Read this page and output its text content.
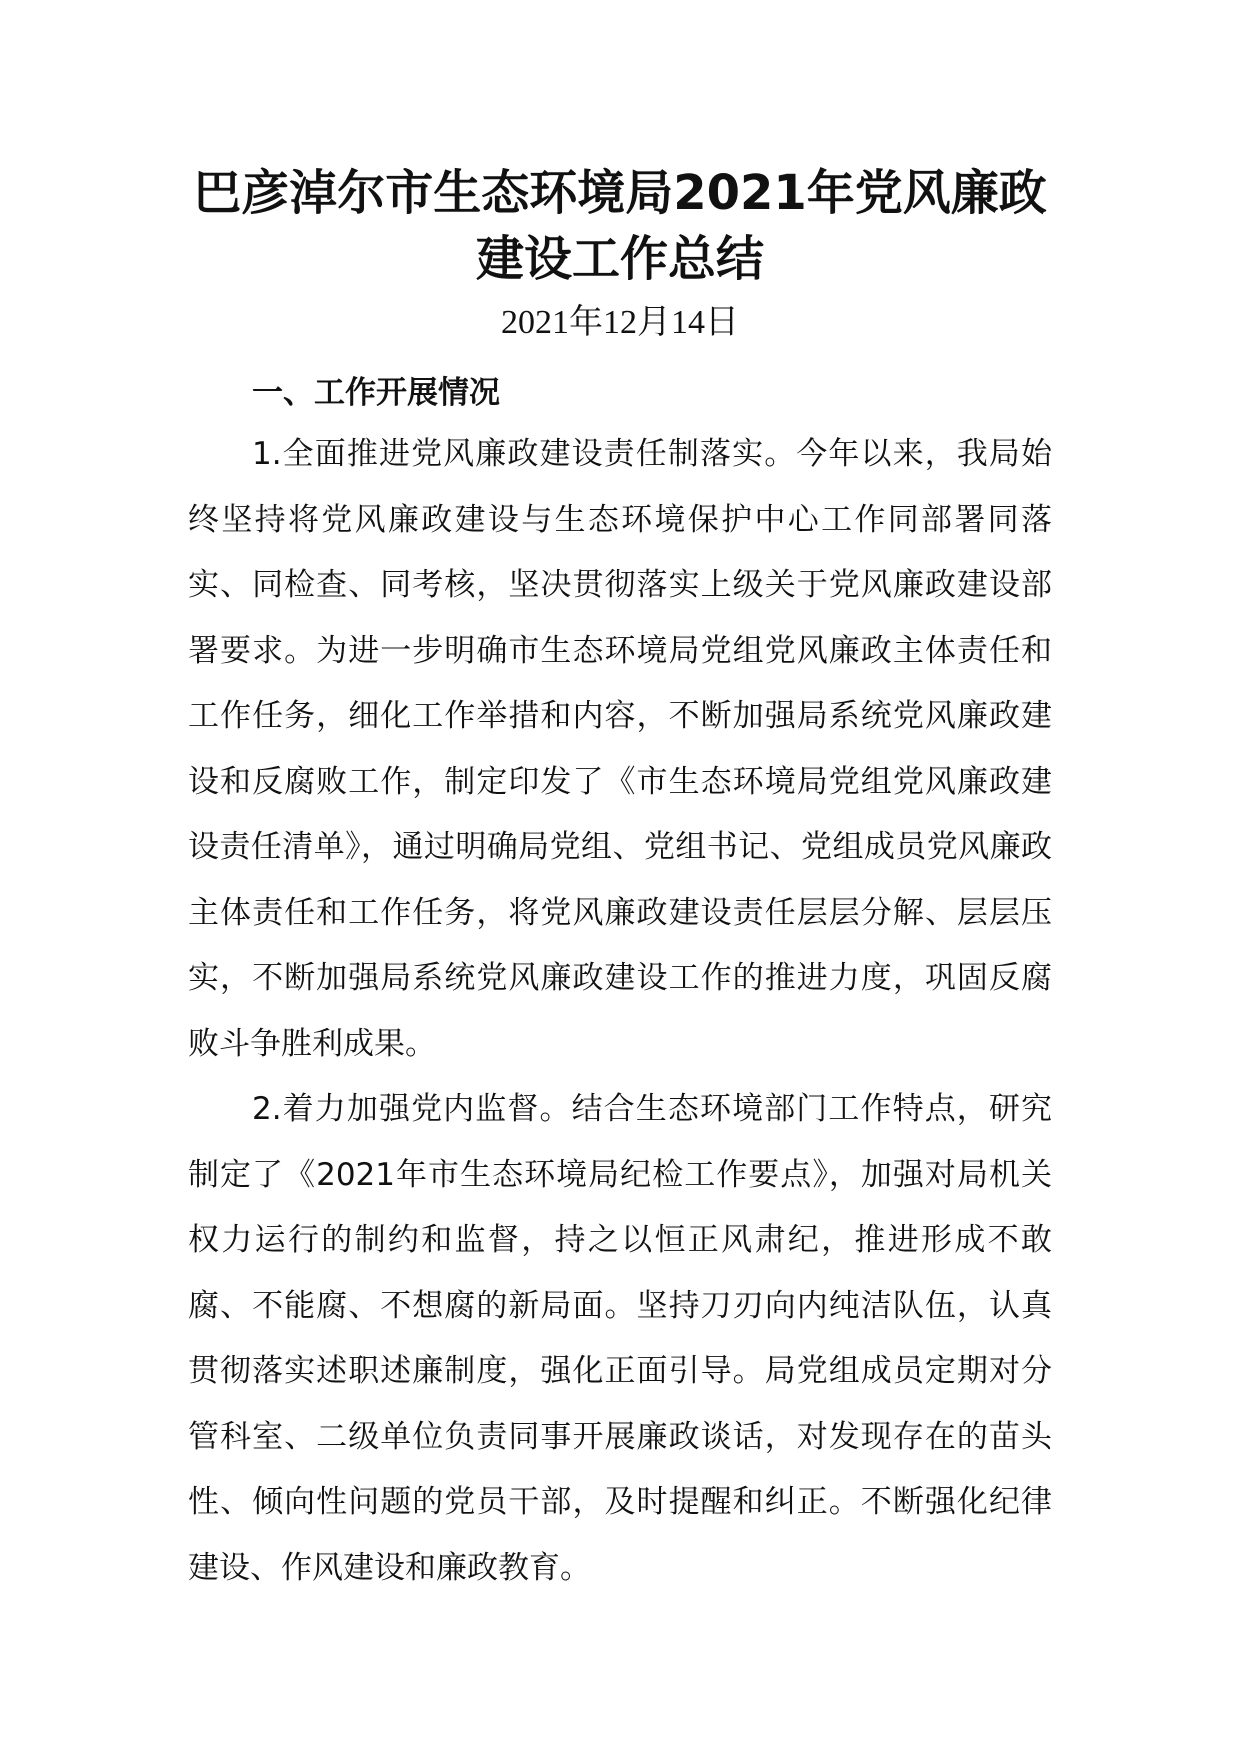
巴彦淖尔市生态环境局2021年党风廉政建设工作总结
2021年12月14日
一、工作开展情况

1.全面推进党风廉政建设责任制落实。今年以来，我局始终坚持将党风廉政建设与生态环境保护中心工作同部署同落实、同检查、同考核，坚决贯彻落实上级关于党风廉政建设部署要求。为进一步明确市生态环境局党组党风廉政主体责任和工作任务，细化工作举措和内容，不断加强局系统党风廉政建设和反腐败工作，制定印发了《市生态环境局党组党风廉政建设责任清单》，通过明确局党组、党组书记、党组成员党风廉政主体责任和工作任务，将党风廉政建设责任层层分解、层层压实，不断加强局系统党风廉政建设工作的推进力度，巩固反腐败斗争胜利成果。

2.着力加强党内监督。结合生态环境部门工作特点，研究制定了《2021年市生态环境局纪检工作要点》，加强对局机关权力运行的制约和监督，持之以恒正风肃纪，推进形成不敢腐、不能腐、不想腐的新局面。坚持刀刃向内纯洁队伍，认真贯彻落实述职述廉制度，强化正面引导。局党组成员定期对分管科室、二级单位负责同事开展廉政谈话，对发现存在的苗头性、倾向性问题的党员干部，及时提醒和纠正。不断强化纪律建设、作风建设和廉政教育。
